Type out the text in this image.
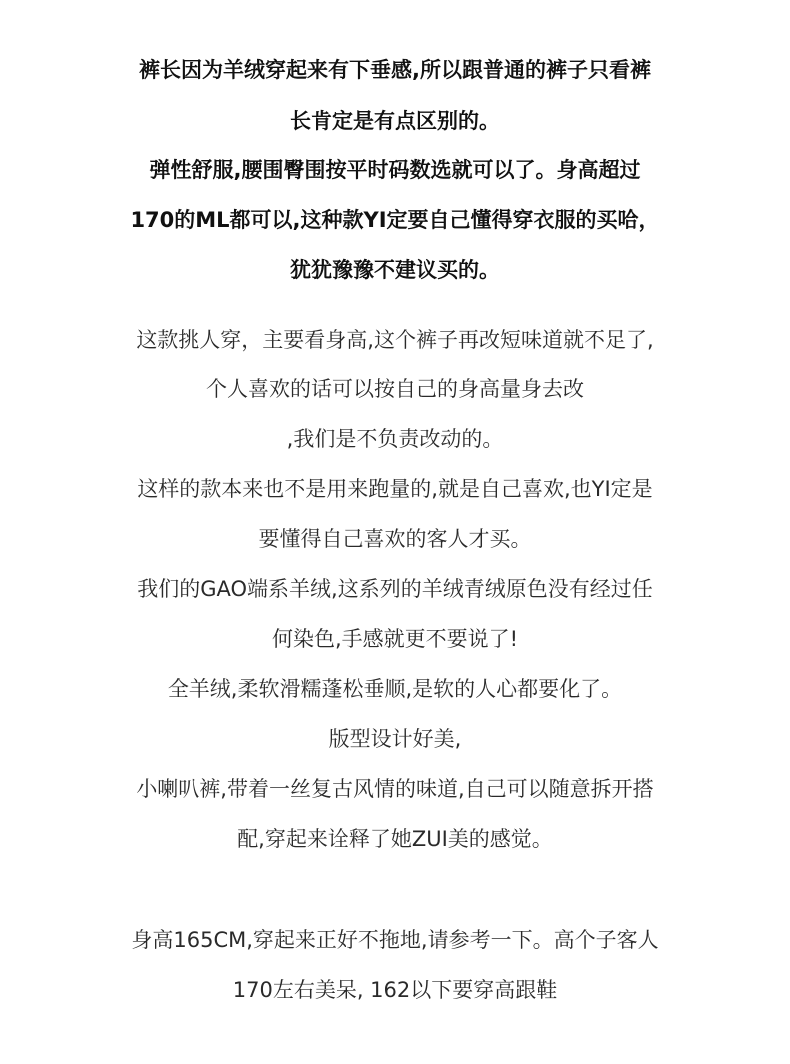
裤长因为羊绒穿起来有下垂感,所以跟普通的裤子只看裤
长肯定是有点区别的。
弹性舒服,腰围臀围按平时码数选就可以了。身高超过
170的ML都可以,这种款YI定要自己懂得穿衣服的买哈，
犹犹豫豫不建议买的。
这款挑人穿，主要看身高,这个裤子再改短味道就不足了,
个人喜欢的话可以按自己的身高量身去改
,我们是不负责改动的。
这样的款本来也不是用来跑量的,就是自己喜欢,也YI定是
要懂得自己喜欢的客人才买。
我们的GAO端系羊绒,这系列的羊绒青绒原色没有经过任
何染色,手感就更不要说了!
全羊绒,柔软滑糯蓬松垂顺,是软的人心都要化了。
版型设计好美,
小喇叭裤,带着一丝复古风情的味道,自己可以随意拆开搭
配,穿起来诠释了她ZUI美的感觉。
身高165CM,穿起来正好不拖地,请参考一下。高个子客人
170左右美呆, 162以下要穿高跟鞋
